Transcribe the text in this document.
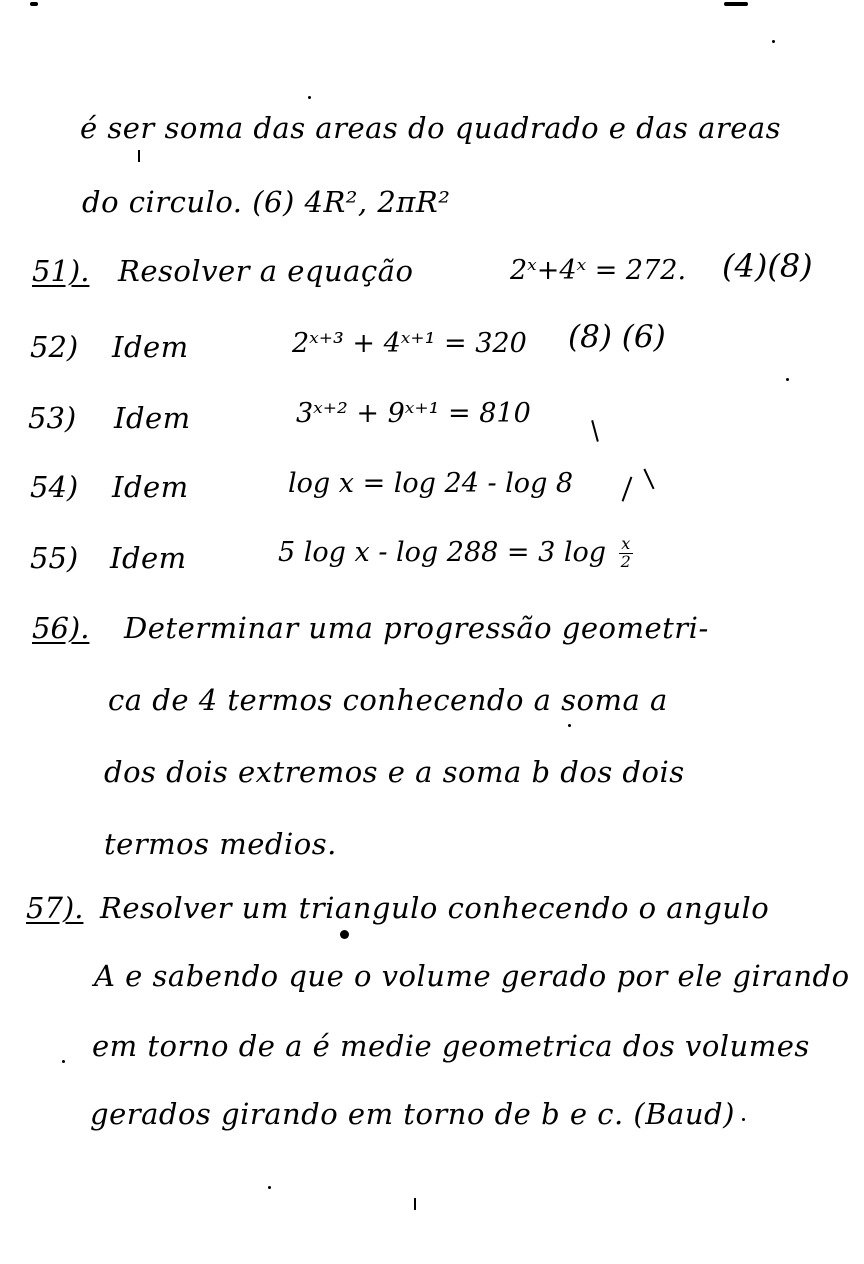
é ser soma das areas do quadrado e das areas
do circulo. (6) 4R², 2πR²
51). Resolver a equação	2ˣ+4ˣ = 272. (4)(8)
52) Idem	2ˣ⁺³ + 4ˣ⁺¹ = 320 (8) (6)
53) Idem	3ˣ⁺² + 9ˣ⁺¹ = 810
54) Idem	log x = log 24 - log 8
55) Idem	5 log x - log 288 = 3 $\log \frac{x}{2}$
56). Determinar uma progressão geometri-
ca de 4 termos conhecendo a soma a
dos dois extremos e a soma b dos dois
termos medios.
57). Resolver um triangulo conhecendo o angulo
A e sabendo que o volume gerado por ele girando
em torno de a é medie geometrica dos volumes
gerados girando em torno de b e c. (Baud)
